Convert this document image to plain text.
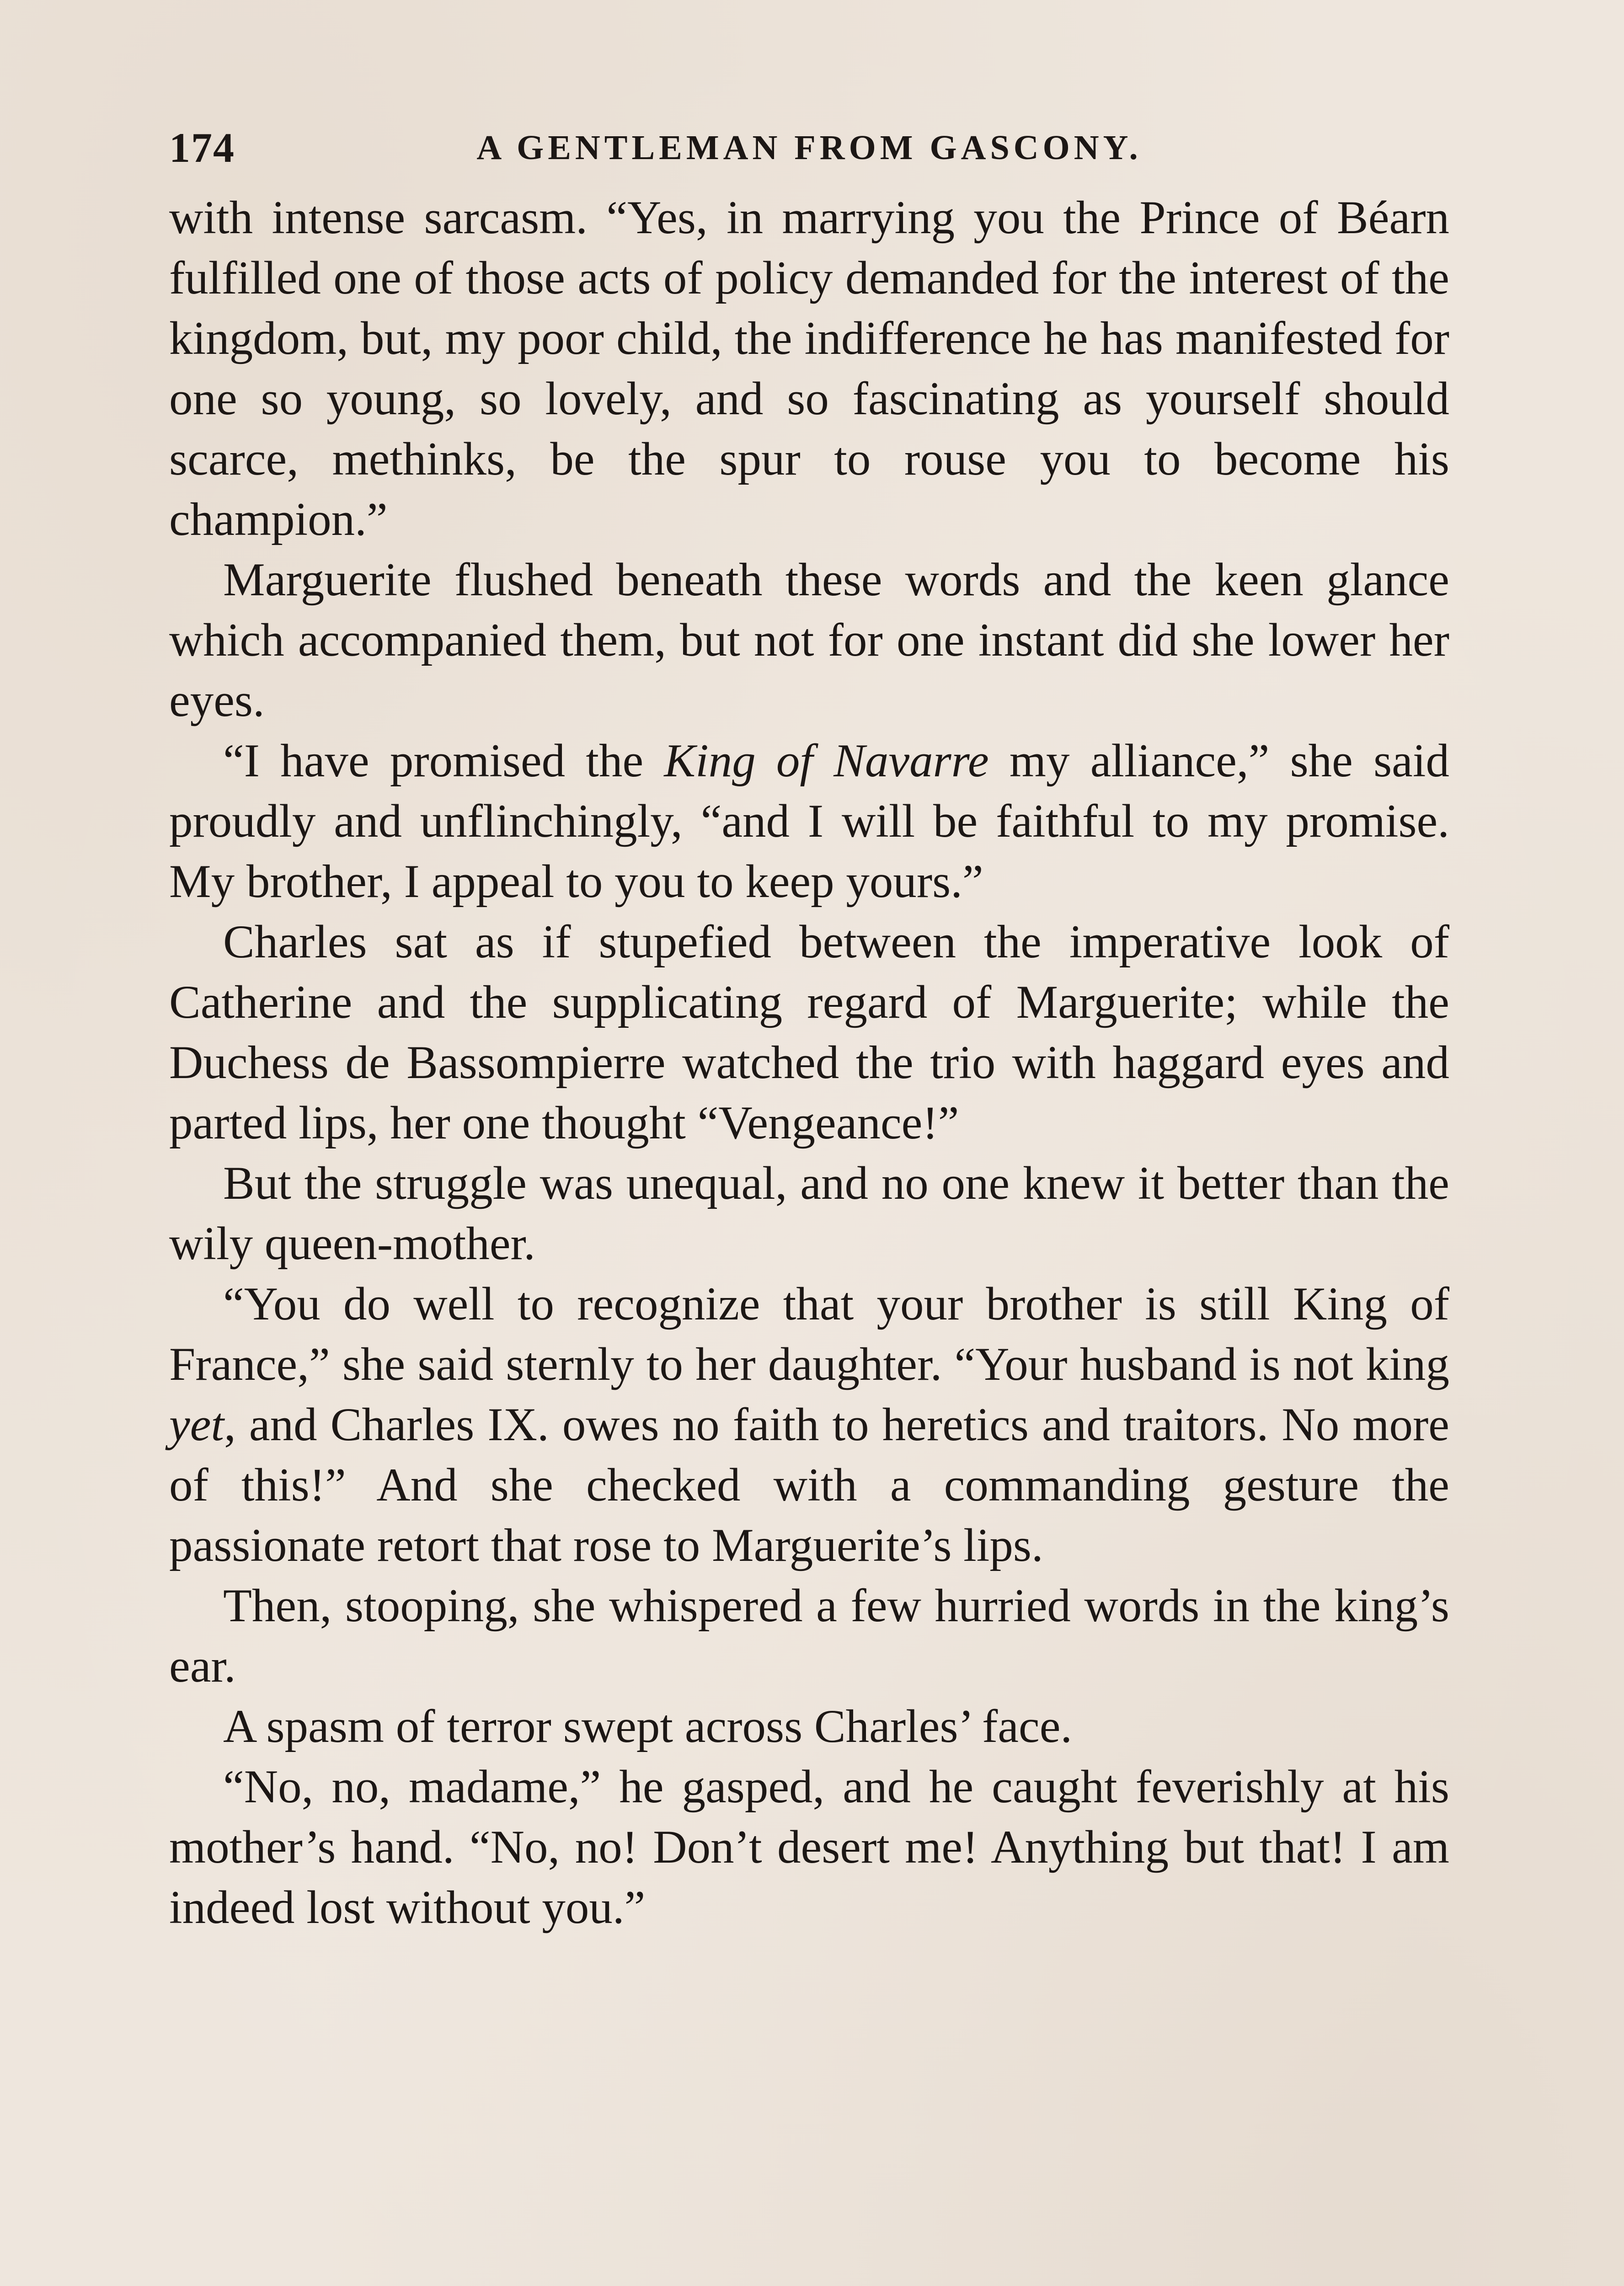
174	A GENTLEMAN FROM GASCONY.

with intense sarcasm. “Yes, in marrying you the Prince of Béarn fulfilled one of those acts of policy demanded for the interest of the kingdom, but, my poor child, the indifference he has manifested for one so young, so lovely, and so fascinating as yourself should scarce, methinks, be the spur to rouse you to become his champion.”

Marguerite flushed beneath these words and the keen glance which accompanied them, but not for one instant did she lower her eyes.

“I have promised the King of Navarre my alliance,” she said proudly and unflinchingly, “and I will be faithful to my promise. My brother, I appeal to you to keep yours.”

Charles sat as if stupefied between the imperative look of Catherine and the supplicating regard of Marguerite; while the Duchess de Bassompierre watched the trio with haggard eyes and parted lips, her one thought “Vengeance!”

But the struggle was unequal, and no one knew it better than the wily queen-mother.

“You do well to recognize that your brother is still King of France,” she said sternly to her daughter. “Your husband is not king yet, and Charles IX. owes no faith to heretics and traitors. No more of this!” And she checked with a commanding gesture the passionate retort that rose to Marguerite’s lips.

Then, stooping, she whispered a few hurried words in the king’s ear.

A spasm of terror swept across Charles’ face.

“No, no, madame,” he gasped, and he caught feverishly at his mother’s hand. “No, no! Don’t desert me! Anything but that! I am indeed lost without you.”
